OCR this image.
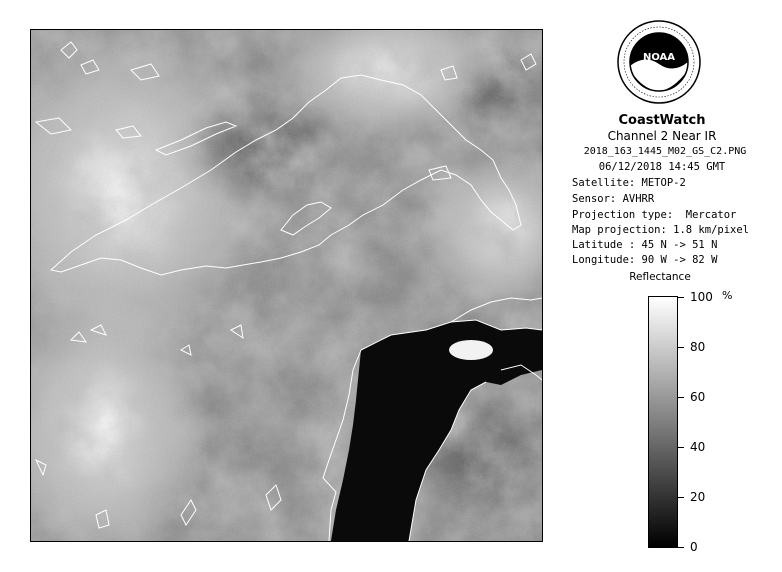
NOAA
CoastWatch
Channel 2 Near IR
2018_163_1445_M02_GS_C2.PNG
06/12/2018 14:45 GMT
Satellite: METOP-2
Sensor: AVHRR
Projection type:  Mercator
Map projection: 1.8 km/pixel
Latitude : 45 N -> 51 N
Longitude: 90 W -> 82 W
Reflectance
%
100
80
60
40
20
0
